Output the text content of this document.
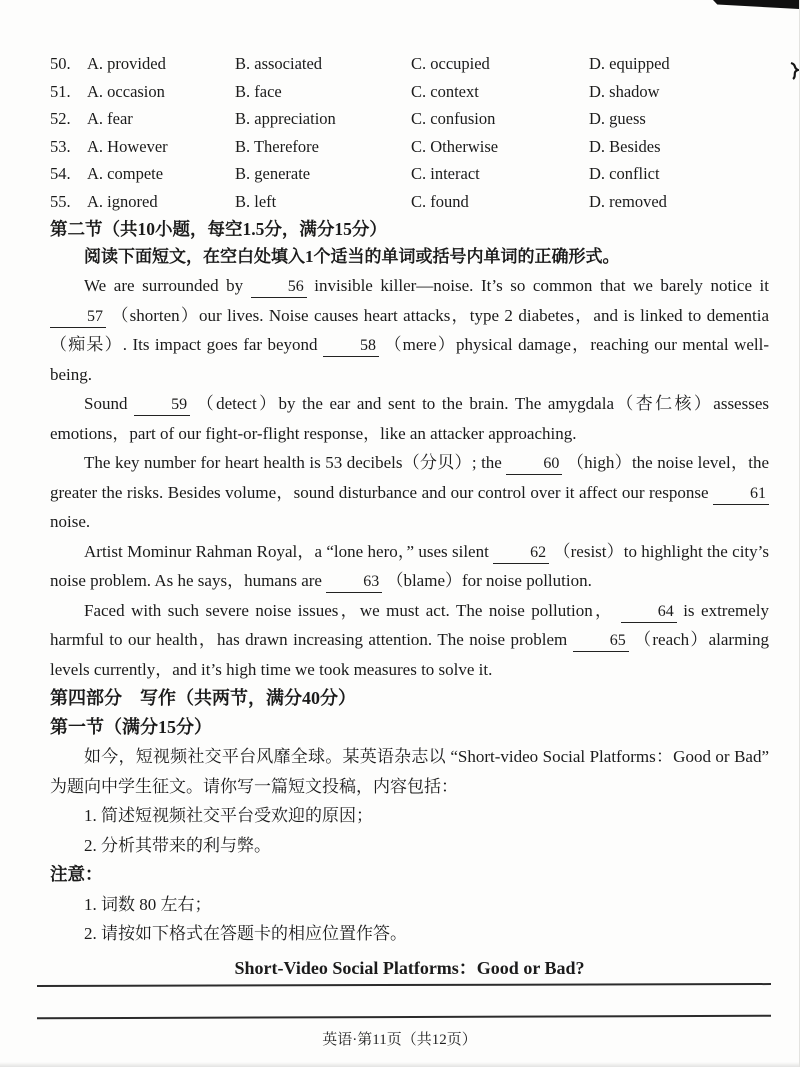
50. A. provided	B. associated	C. occupied	D. equipped
51. A. occasion	B. face	C. context	D. shadow
52. A. fear	B. appreciation	C. confusion	D. guess
53. A. However	B. Therefore	C. Otherwise	D. Besides
54. A. compete	B. generate	C. interact	D. conflict
55. A. ignored	B. left	C. found	D. removed
第二节（共10小题，每空1.5分，满分15分）
阅读下面短文，在空白处填入1个适当的单词或括号内单词的正确形式。

We are surrounded by 56 invisible killer—noise. It’s so common that we barely notice it 57 （shorten）our lives. Noise causes heart attacks，type 2 diabetes，and is linked to dementia（痴呆）. Its impact goes far beyond 58 （mere）physical damage，reaching our mental well-being.

Sound 59 （detect）by the ear and sent to the brain. The amygdala（杏仁核）assesses emotions，part of our fight-or-flight response，like an attacker approaching.

The key number for heart health is 53 decibels（分贝）; the 60 （high）the noise level，the greater the risks. Besides volume，sound disturbance and our control over it affect our response 61 noise.

Artist Mominur Rahman Royal，a “lone hero，” uses silent 62 （resist）to highlight the city’s noise problem. As he says，humans are 63 （blame）for noise pollution.

Faced with such severe noise issues，we must act. The noise pollution， 64 is extremely harmful to our health，has drawn increasing attention. The noise problem 65 （reach）alarming levels currently，and it’s high time we took measures to solve it.

第四部分　写作（共两节，满分40分）
第一节（满分15分）

如今，短视频社交平台风靡全球。某英语杂志以 “Short-video Social Platforms：Good or Bad” 为题向中学生征文。请你写一篇短文投稿，内容包括：

1. 简述短视频社交平台受欢迎的原因；
2. 分析其带来的利与弊。
注意：
1. 词数 80 左右；
2. 请按如下格式在答题卡的相应位置作答。
Short-Video Social Platforms：Good or Bad?
英语·第11页（共12页）
